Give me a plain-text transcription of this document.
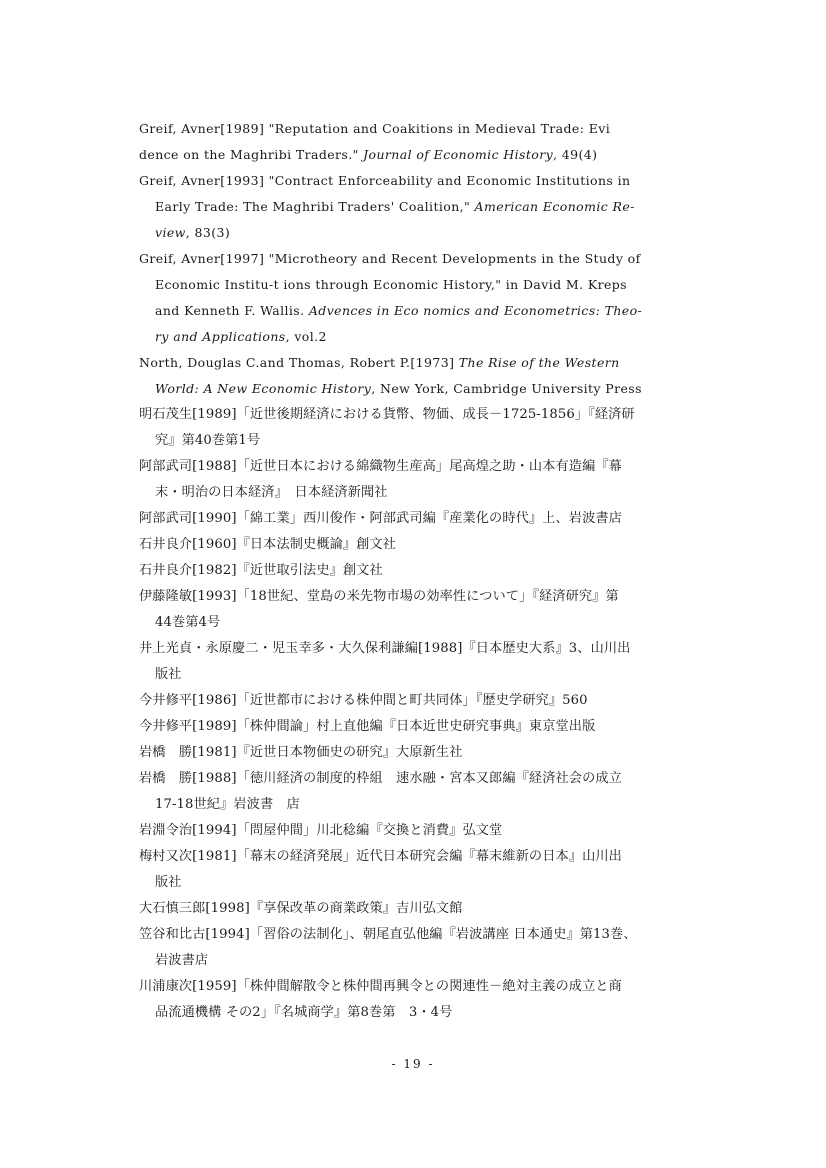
Greif, Avner[1989] "Reputation and Coakitions in Medieval Trade: Evi
dence on the Maghribi Traders." Journal of Economic History, 49(4)
Greif, Avner[1993] "Contract Enforceability and Economic Institutions in
Early Trade: The Maghribi Traders' Coalition," American Economic Re-
view, 83(3)
Greif, Avner[1997] "Microtheory and Recent Developments in the Study of
Economic Institu-t ions through Economic History," in David M. Kreps
and Kenneth F. Wallis. Advences in Eco nomics and Econometrics: Theo-
ry and Applications, vol.2
North, Douglas C.and Thomas, Robert P.[1973] The Rise of the Western
World: A New Economic History, New York, Cambridge University Press
明石茂生[1989]「近世後期経済における貨幣、物価、成長－1725-1856」『経済研
究』第40巻第1号
阿部武司[1988]「近世日本における綿織物生産高」尾高煌之助・山本有造編『幕
末・明治の日本経済』　日本経済新聞社
阿部武司[1990]「綿工業」西川俊作・阿部武司編『産業化の時代』上、岩波書店
石井良介[1960]『日本法制史概論』創文社
石井良介[1982]『近世取引法史』創文社
伊藤隆敏[1993]「18世紀、堂島の米先物市場の効率性について」『経済研究』第
44巻第4号
井上光貞・永原慶二・児玉幸多・大久保利謙編[1988]『日本歴史大系』3、山川出
版社
今井修平[1986]「近世都市における株仲間と町共同体」『歴史学研究』560
今井修平[1989]「株仲間論」村上直他編『日本近世史研究事典』東京堂出版
岩橋　勝[1981]『近世日本物価史の研究』大原新生社
岩橋　勝[1988]「徳川経済の制度的枠組　速水融・宮本又郎編『経済社会の成立
17-18世紀』岩波書　店
岩淵令治[1994]「問屋仲間」川北稔編『交換と消費』弘文堂
梅村又次[1981]「幕末の経済発展」近代日本研究会編『幕末維新の日本』山川出
版社
大石慎三郎[1998]『享保改革の商業政策』吉川弘文館
笠谷和比古[1994]「習俗の法制化」、朝尾直弘他編『岩波講座 日本通史』第13巻、
岩波書店
川浦康次[1959]「株仲間解散令と株仲間再興令との関連性－絶対主義の成立と商
品流通機構 その2」『名城商学』第8巻第　3・4号
- 19 -
